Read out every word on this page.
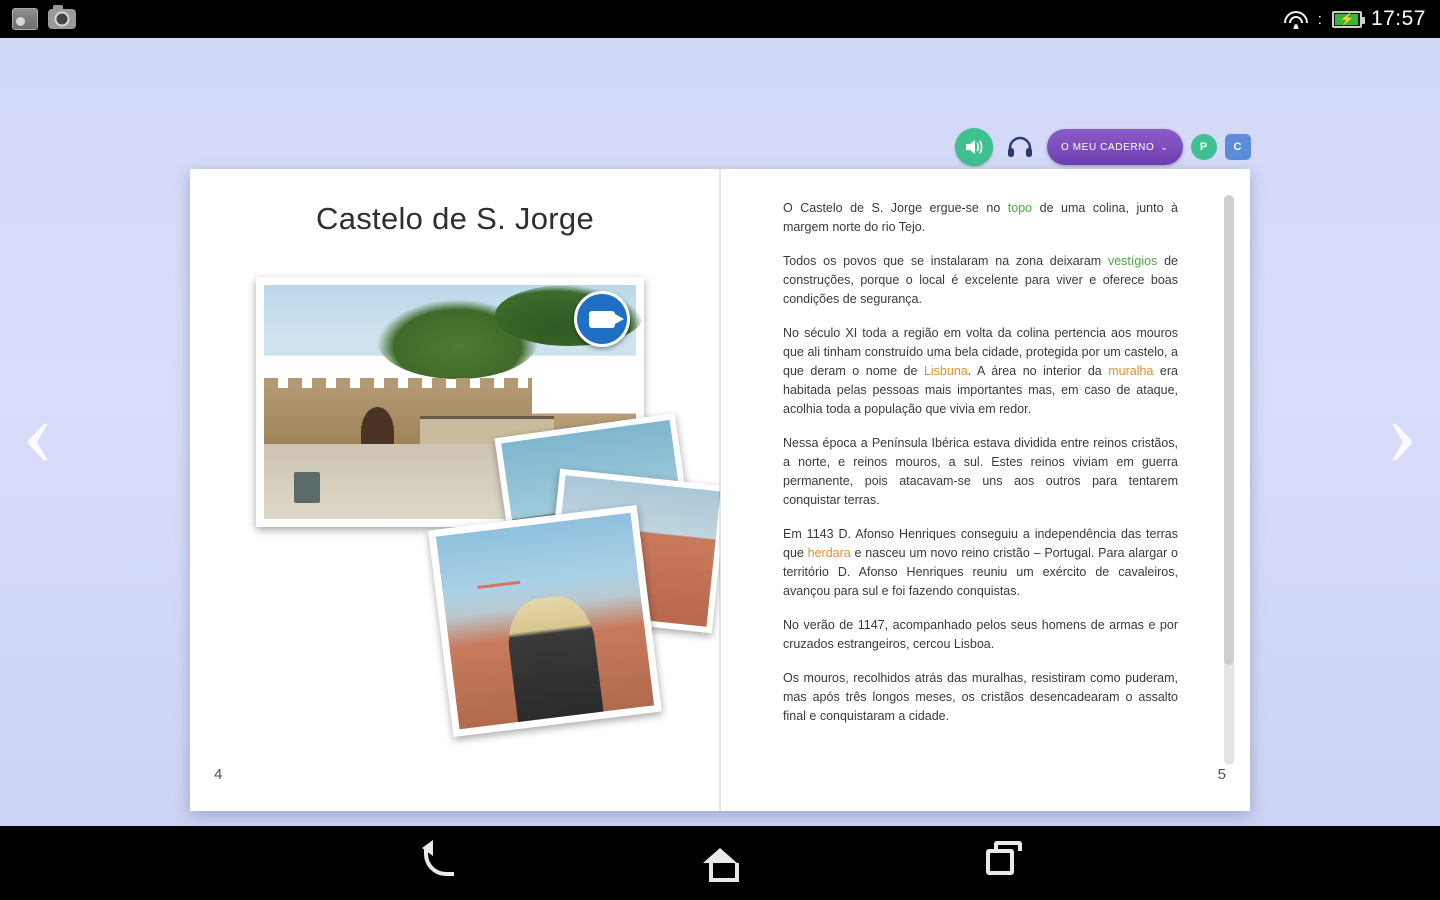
: ⚡ 17:57
O MEU CADERNO ⌄	P	C
‹	›
Castelo de S. Jorge
4

O Castelo de S. Jorge ergue-se no topo de uma colina, junto à margem norte do rio Tejo.

Todos os povos que se instalaram na zona deixaram vestígios de construções, porque o local é excelente para viver e oferece boas condições de segurança.

No século XI toda a região em volta da colina pertencia aos mouros que ali tinham construído uma bela cidade, protegida por um castelo, a que deram o nome de Lisbuna. A área no interior da muralha era habitada pelas pessoas mais importantes mas, em caso de ataque, acolhia toda a população que vivia em redor.

Nessa época a Península Ibérica estava dividida entre reinos cristãos, a norte, e reinos mouros, a sul. Estes reinos viviam em guerra permanente, pois atacavam-se uns aos outros para tentarem conquistar terras.

Em 1143 D. Afonso Henriques conseguiu a independência das terras que herdara e nasceu um novo reino cristão – Portugal. Para alargar o território D. Afonso Henriques reuniu um exército de cavaleiros, avançou para sul e foi fazendo conquistas.

No verão de 1147, acompanhado pelos seus homens de armas e por cruzados estrangeiros, cercou Lisboa.

Os mouros, recolhidos atrás das muralhas, resistiram como puderam, mas após três longos meses, os cristãos desencadearam o assalto final e conquistaram a cidade.

5
